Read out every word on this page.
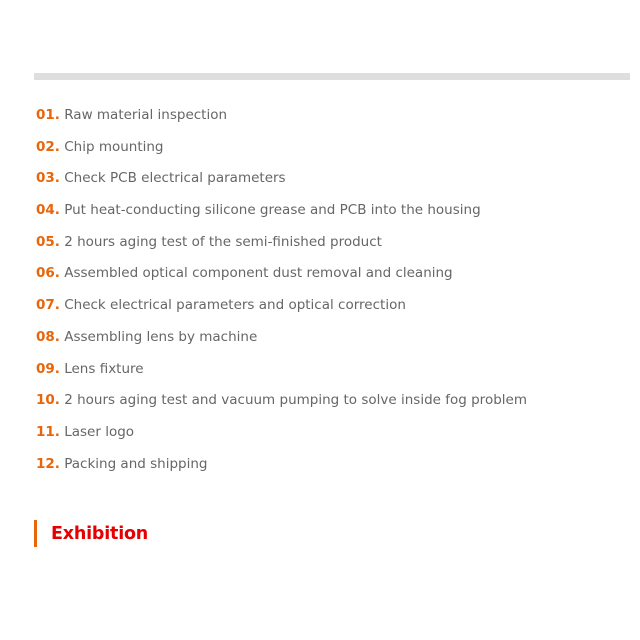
01. Raw material inspection
02. Chip mounting
03. Check PCB electrical parameters
04. Put heat-conducting silicone grease and PCB into the housing
05. 2 hours aging test of the semi-finished product
06. Assembled optical component dust removal and cleaning
07. Check electrical parameters and optical correction
08. Assembling lens by machine
09. Lens fixture
10. 2 hours aging test and vacuum pumping to solve inside fog problem
11. Laser logo
12. Packing and shipping
Exhibition
